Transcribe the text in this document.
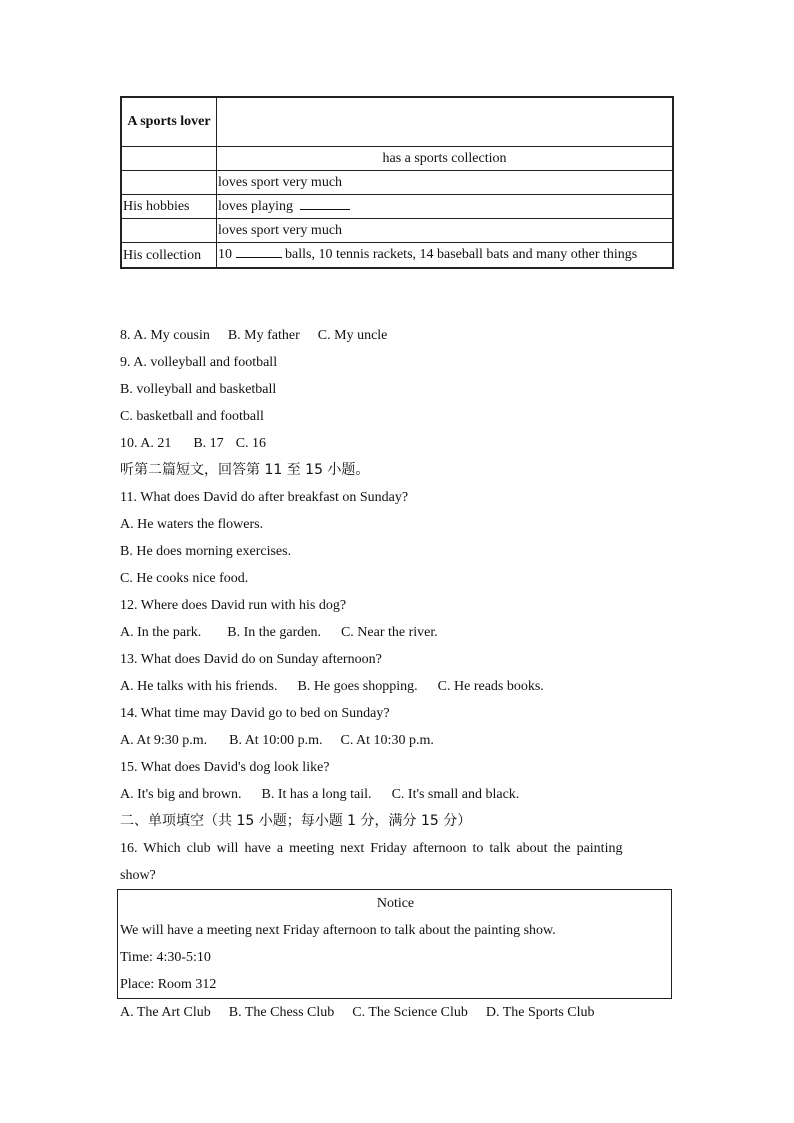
A sports lover	
	has a sports collection
	loves sport very much
His hobbies	loves playing
	loves sport very much
His collection	10 balls, 10 tennis rackets, 14 baseball bats and many other things
8. A. My cousin B. My father C. My uncle
9. A. volleyball and football
B. volleyball and basketball
C. basketball and football
10. A. 21 B. 17 C. 16
听第二篇短文，回答第 11 至 15 小题。
11. What does David do after breakfast on Sunday?
A. He waters the flowers.
B. He does morning exercises.
C. He cooks nice food.
12. Where does David run with his dog?
A. In the park. B. In the garden. C. Near the river.
13. What does David do on Sunday afternoon?
A. He talks with his friends. B. He goes shopping. C. He reads books.
14. What time may David go to bed on Sunday?
A. At 9:30 p.m. B. At 10:00 p.m. C. At 10:30 p.m.
15. What does David's dog look like?
A. It's big and brown. B. It has a long tail. C. It's small and black.
二、单项填空（共 15 小题；每小题 1 分，满分 15 分）
16. Which club will have a meeting next Friday afternoon to talk about the painting
show?
Notice
We will have a meeting next Friday afternoon to talk about the painting show.
Time: 4:30-5:10
Place: Room 312
A. The Art Club B. The Chess Club C. The Science Club D. The Sports Club
